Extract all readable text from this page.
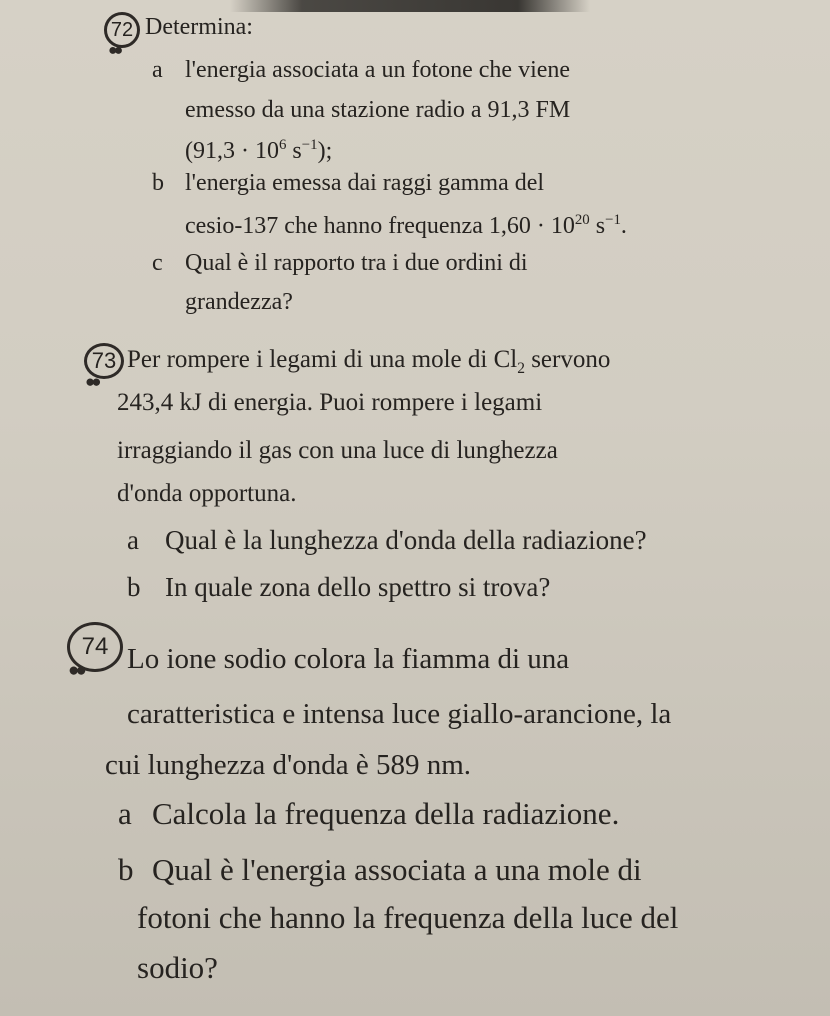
72
●●
Determina:
a l'energia associata a un fotone che viene
emesso da una stazione radio a 91,3 FM
($91,3 \cdot 10^6$ $s^{-1}$);
b l'energia emessa dai raggi gamma del
cesio-137 che hanno frequenza $1,60 \cdot 10^{20}$ $s^{-1}$.
c Qual è il rapporto tra i due ordini di
grandezza?
73
●●
Per rompere i legami di una mole di $Cl_2$ servono
243,4 kJ di energia. Puoi rompere i legami
irraggiando il gas con una luce di lunghezza
d'onda opportuna.
a Qual è la lunghezza d'onda della radiazione?
b In quale zona dello spettro si trova?
74
●● Lo ione sodio colora la fiamma di una
caratteristica e intensa luce giallo-arancione, la
cui lunghezza d'onda è 589 nm.
a Calcola la frequenza della radiazione.
b Qual è l'energia associata a una mole di
fotoni che hanno la frequenza della luce del
sodio?
